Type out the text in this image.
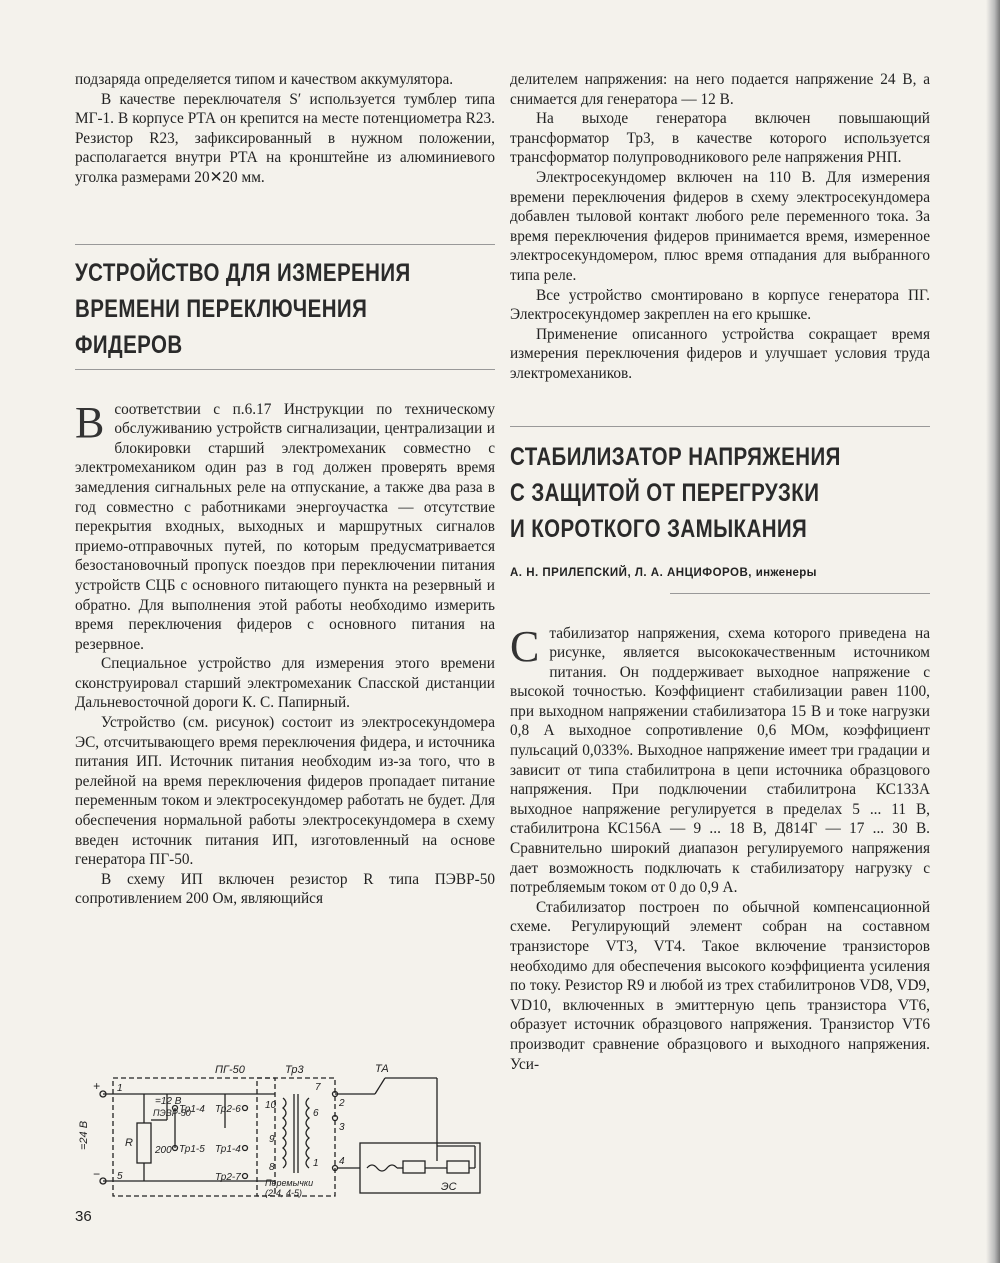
подзаряда определяется типом и качеством аккумулятора.

В качестве переключателя S′ используется тумблер типа МГ-1. В корпусе РТА он крепится на месте потенциометра R23. Резистор R23, зафиксированный в нужном положении, располагается внутри РТА на кронштейне из алюминиевого уголка размерами 20✕20 мм.

УСТРОЙСТВО ДЛЯ ИЗМЕРЕНИЯ
ВРЕМЕНИ ПЕРЕКЛЮЧЕНИЯ
ФИДЕРОВ

Всоответствии с п.6.17 Инструкции по техническому обслуживанию устройств сигнализации, централизации и блокировки старший электромеханик совместно с электромехаником один раз в год должен проверять время замедления сигнальных реле на отпускание, а также два раза в год совместно с работниками энергоучастка — отсутствие перекрытия входных, выходных и маршрутных сигналов приемо-отправочных путей, по которым предусматривается безостановочный пропуск поездов при переключении питания устройств СЦБ с основного питающего пункта на резервный и обратно. Для выполнения этой работы необходимо измерить время переключения фидеров с основного питания на резервное.

Специальное устройство для измерения этого времени сконструировал старший электромеханик Спасской дистанции Дальневосточной дороги К. С. Папирный.

Устройство (см. рисунок) состоит из электросекундомера ЭС, отсчитывающего время переключения фидера, и источника питания ИП. Источник питания необходим из-за того, что в релейной на время переключения фидеров пропадает питание переменным током и электросекундомер работать не будет. Для обеспечения нормальной работы электросекундомера в схему введен источник питания ИП, изготовленный на основе генератора ПГ-50.

В схему ИП включен резистор R типа ПЭВР-50 сопротивлением 200 Ом, являющийся

ПГ-50	Тр3	ТА
+
−
=24 В
=12 В
ПЭВР-50
R
200
1
5
Тр1-4
Тр1-5
Тр2-6
Тр1-4
Тр2-7
10
9
8
7
6
3
2
1 4
Перемычки
(2-4, 4-5)	ЭС
36

делителем напряжения: на него подается напряжение 24 В, а снимается для генератора — 12 В.

На выходе генератора включен повышающий трансформатор Тр3, в качестве которого используется трансформатор полупроводникового реле напряжения РНП.

Электросекундомер включен на 110 В. Для измерения времени переключения фидеров в схему электросекундомера добавлен тыловой контакт любого реле переменного тока. За время переключения фидеров принимается время, измеренное электросекундомером, плюс время отпадания для выбранного типа реле.

Все устройство смонтировано в корпусе генератора ПГ. Электросекундомер закреплен на его крышке.

Применение описанного устройства сокращает время измерения переключения фидеров и улучшает условия труда электромехаников.

СТАБИЛИЗАТОР НАПРЯЖЕНИЯ
С ЗАЩИТОЙ ОТ ПЕРЕГРУЗКИ
И КОРОТКОГО ЗАМЫКАНИЯ
А. Н. ПРИЛЕПСКИЙ, Л. А. АНЦИФОРОВ, инженеры

Стабилизатор напряжения, схема которого приведена на рисунке, является высококачественным источником питания. Он поддерживает выходное напряжение с высокой точностью. Коэффициент стабилизации равен 1100, при выходном напряжении стабилизатора 15 В и токе нагрузки 0,8 А выходное сопротивление 0,6 МОм, коэффициент пульсаций 0,033%. Выходное напряжение имеет три градации и зависит от типа стабилитрона в цепи источника образцового напряжения. При подключении стабилитрона КС133А выходное напряжение регулируется в пределах 5 ... 11 В, стабилитрона КС156А — 9 ... 18 В, Д814Г — 17 ... 30 В. Сравнительно широкий диапазон регулируемого напряжения дает возможность подключать к стабилизатору нагрузку с потребляемым током от 0 до 0,9 А.

Стабилизатор построен по обычной компенсационной схеме. Регулирующий элемент собран на составном транзисторе VT3, VT4. Такое включение транзисторов необходимо для обеспечения высокого коэффициента усиления по току. Резистор R9 и любой из трех стабилитронов VD8, VD9, VD10, включенных в эмиттерную цепь транзистора VT6, образует источник образцового напряжения. Транзистор VT6 производит сравнение образцового и выходного напряжения. Уси-
